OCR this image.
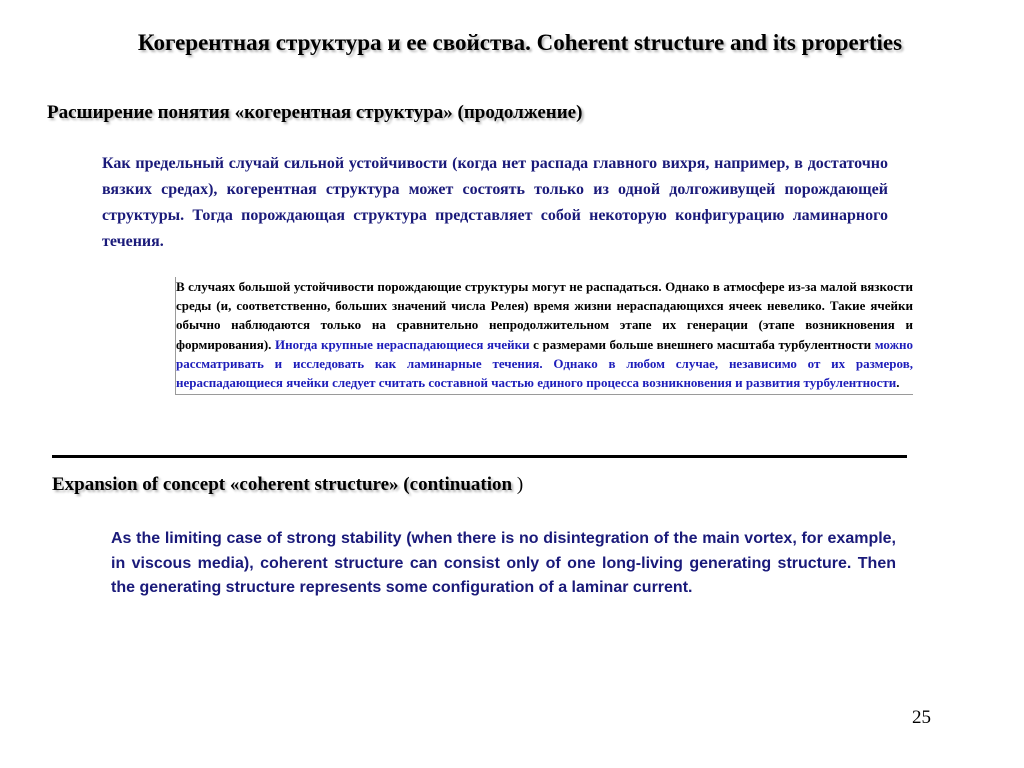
Когерентная структура и ее свойства. Coherent structure and its properties
Расширение понятия «когерентная структура» (продолжение)
Как предельный случай сильной устойчивости (когда нет распада главного вихря, например, в достаточно вязких средах), когерентная структура может состоять только из одной долгоживущей порождающей структуры. Тогда порождающая структура представляет собой некоторую конфигурацию ламинарного течения.
В случаях большой устойчивости порождающие структуры могут не распадаться. Однако в атмосфере из-за малой вязкости среды (и, соответственно, больших значений числа Релея) время жизни нераспадающихся ячеек невелико. Такие ячейки обычно наблюдаются только на сравнительно непродолжительном этапе их генерации (этапе возникновения и формирования). Иногда крупные нераспадающиеся ячейки с размерами больше внешнего масштаба турбулентности можно рассматривать и исследовать как ламинарные течения. Однако в любом случае, независимо от их размеров, нераспадающиеся ячейки следует считать составной частью единого процесса возникновения и развития турбулентности.
Expansion of concept «coherent structure» (continuation )
As the limiting case of strong stability (when there is no disintegration of the main vortex, for example, in viscous media), coherent structure can consist only of one long-living generating structure. Then the generating structure represents some configuration of a laminar current.
25
